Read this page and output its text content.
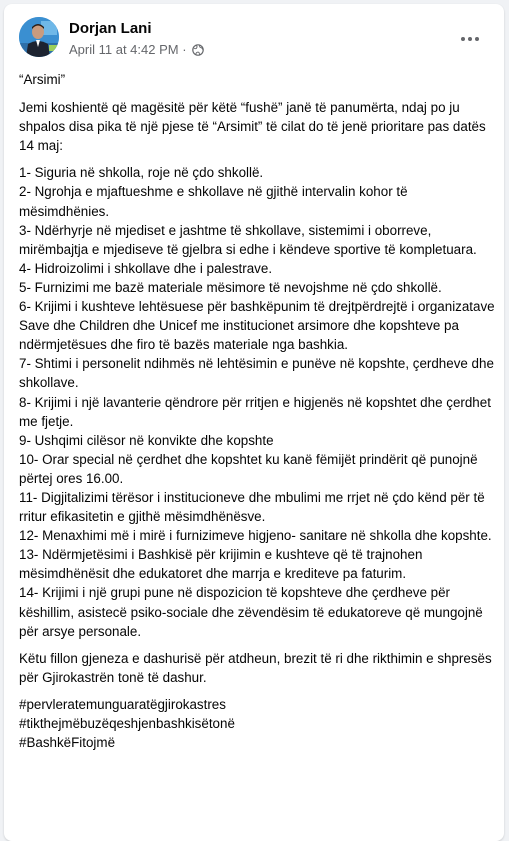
Dorjan Lani
April 11 at 4:42 PM ·

“Arsimi”

Jemi koshientë që magësitë për këtë “fushë” janë të panumërta, ndaj po ju shpalos disa pika të një pjese të “Arsimit” të cilat do të jenë prioritare pas datës 14 maj:

1- Siguria në shkolla, roje në çdo shkollë.

2- Ngrohja e mjaftueshme e shkollave në gjithë intervalin kohor të mësimdhënies.

3- Ndërhyrje në mjediset e jashtme të shkollave, sistemimi i oborreve, mirëmbajtja e mjediseve të gjelbra si edhe i këndeve sportive të kompletuara.

4- Hidroizolimi i shkollave dhe i palestrave.

5- Furnizimi me bazë materiale mësimore të nevojshme në çdo shkollë.

6- Krijimi i kushteve lehtësuese për bashkëpunim të drejtpërdrejtë i organizatave Save dhe Children dhe Unicef me institucionet arsimore dhe kopshteve pa ndërmjetësues dhe firo të bazës materiale nga bashkia.

7- Shtimi i personelit ndihmës në lehtësimin e punëve në kopshte, çerdheve dhe shkollave.

8- Krijimi i një lavanterie qëndrore për rritjen e higjenës në kopshtet dhe çerdhet me fjetje.

9- Ushqimi cilësor në konvikte dhe kopshte

10- Orar special në çerdhet dhe kopshtet ku kanë fëmijët prindërit që punojnë përtej ores 16.00.

11- Digjitalizimi tërësor i institucioneve dhe mbulimi me rrjet në çdo kënd për të rritur efikasitetin e gjithë mësimdhënësve.

12- Menaxhimi më i mirë i furnizimeve higjeno- sanitare në shkolla dhe kopshte.

13- Ndërmjetësimi i Bashkisë për krijimin e kushteve që të trajnohen mësimdhënësit dhe edukatoret dhe marrja e krediteve pa faturim.

14- Krijimi i një grupi pune në dispozicion të kopshteve dhe çerdheve për këshillim, asistecë psiko-sociale dhe zëvendësim të edukatoreve që mungojnë për arsye personale.

Këtu fillon gjeneza e dashurisë për atdheun, brezit të ri dhe rikthimin e shpresës për Gjirokastrën tonë të dashur.

#pervleratemunguaratëgjirokastres

#tikthejmëbuzëqeshjenbashkisëtonë

#BashkëFitojmë
